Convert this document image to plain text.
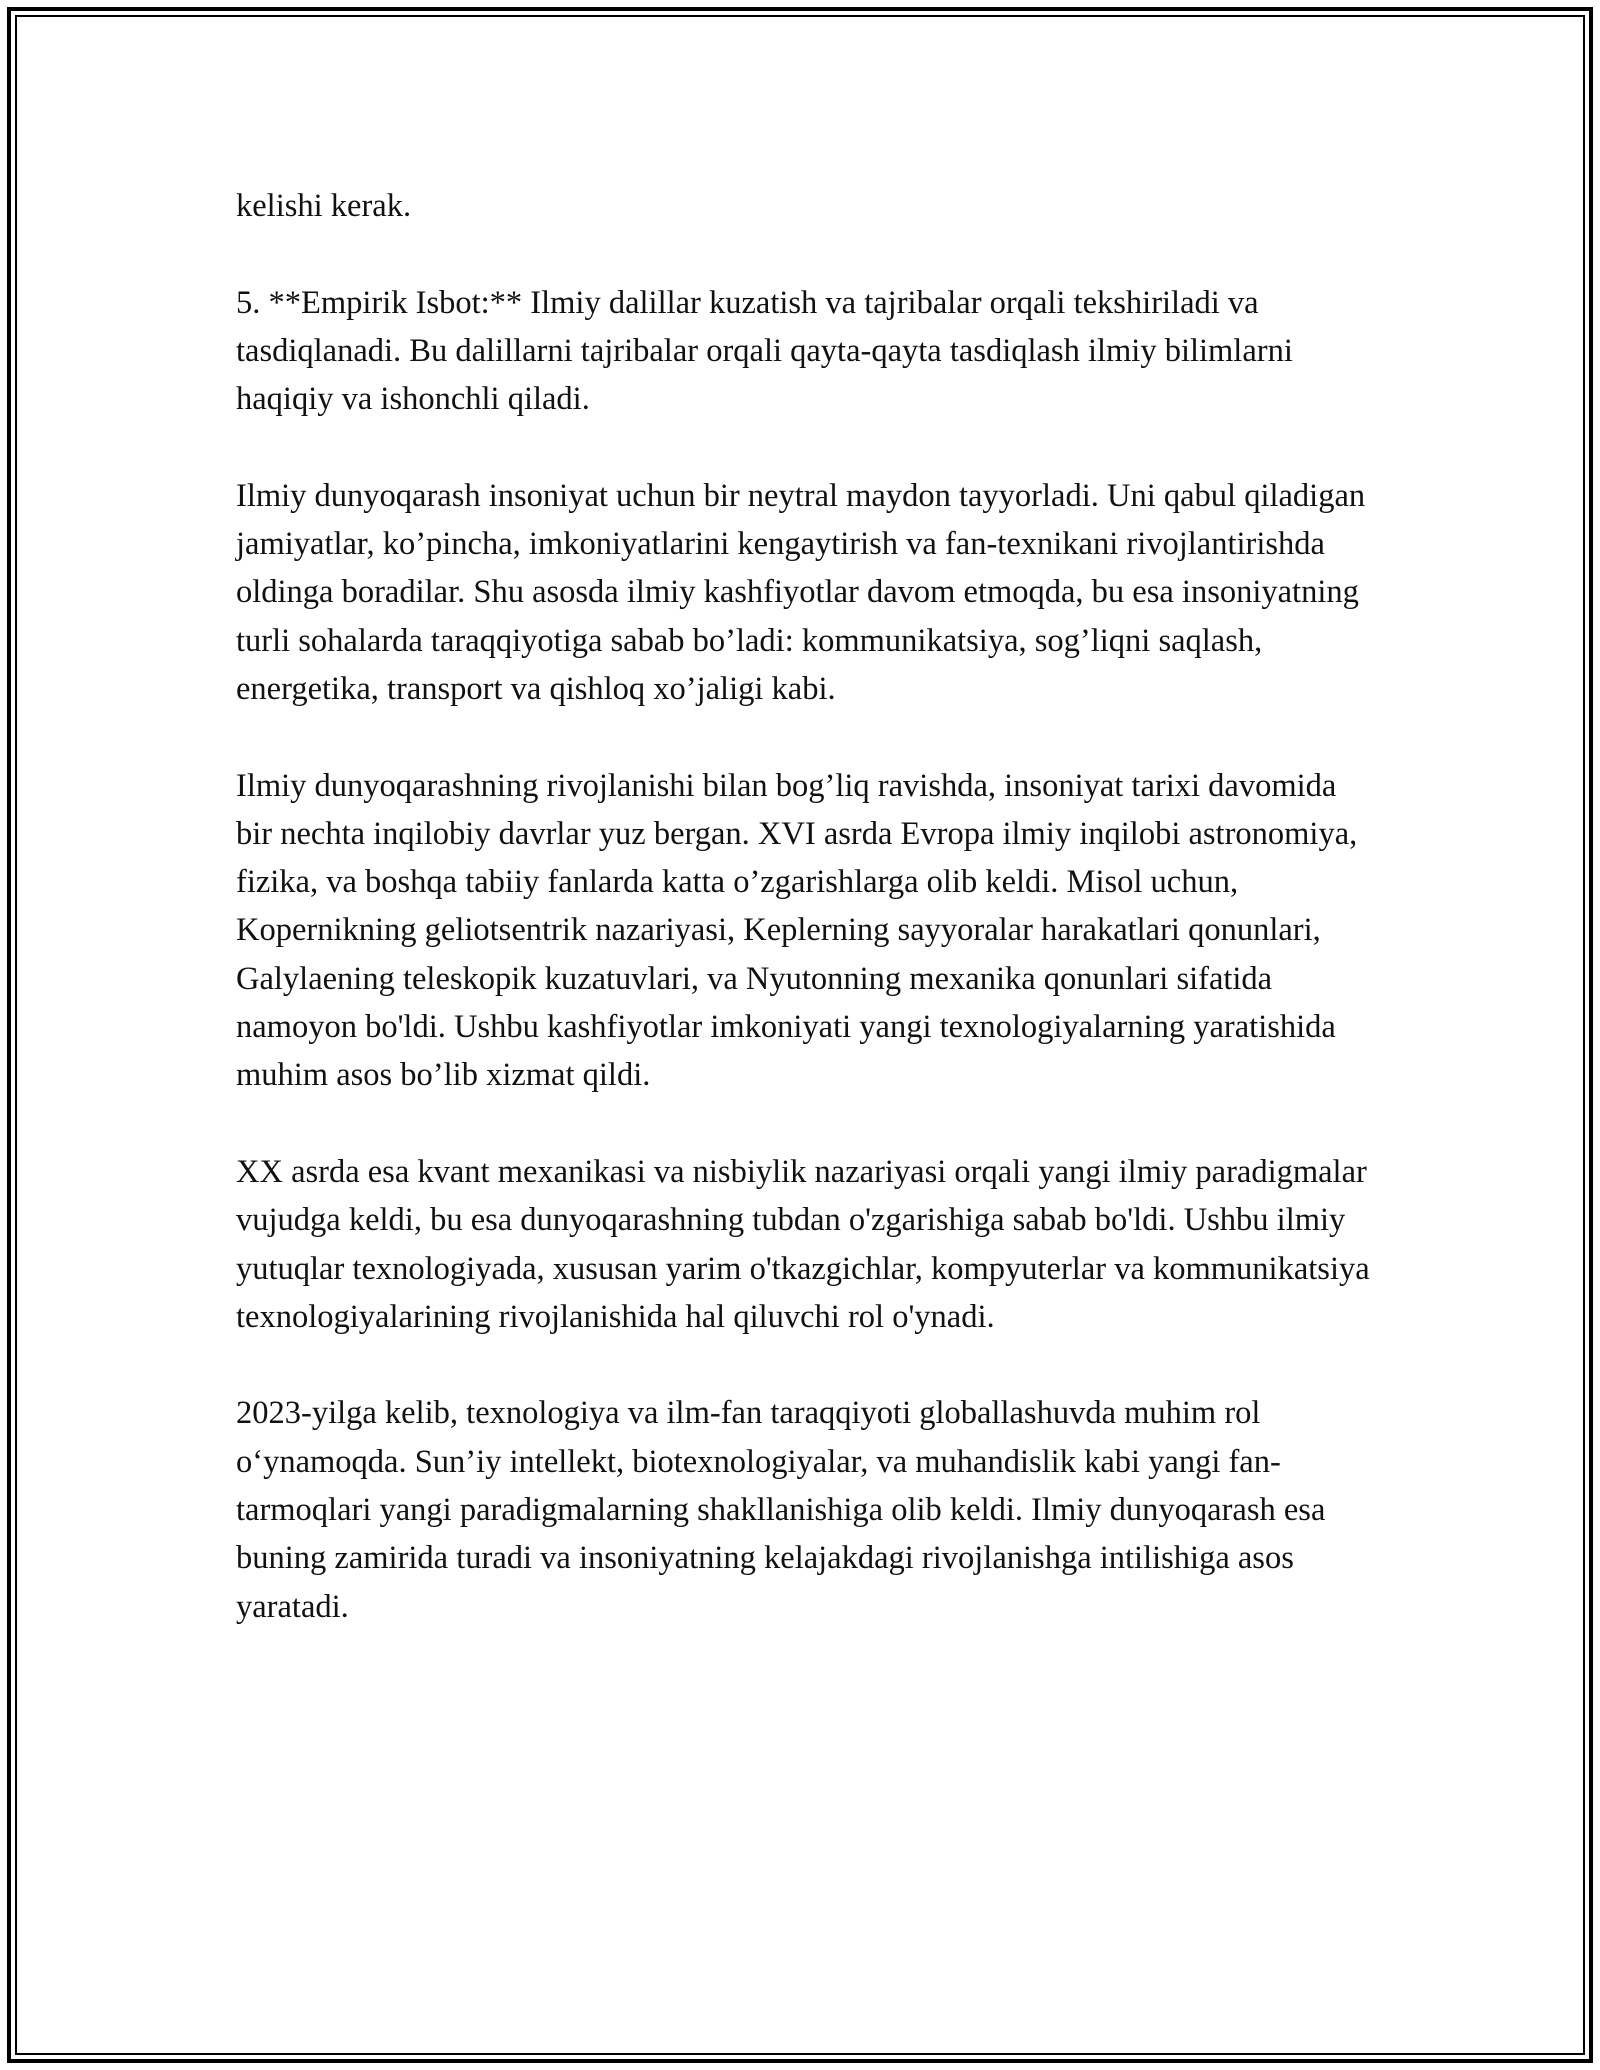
kelishi kerak.

5. **Empirik Isbot:** Ilmiy dalillar kuzatish va tajribalar orqali tekshiriladi va tasdiqlanadi. Bu dalillarni tajribalar orqali qayta-qayta tasdiqlash ilmiy bilimlarni haqiqiy va ishonchli qiladi.

Ilmiy dunyoqarash insoniyat uchun bir neytral maydon tayyorladi. Uni qabul qiladigan jamiyatlar, ko’pincha, imkoniyatlarini kengaytirish va fan-texnikani rivojlantirishda oldinga boradilar. Shu asosda ilmiy kashfiyotlar davom etmoqda, bu esa insoniyatning turli sohalarda taraqqiyotiga sabab bo’ladi: kommunikatsiya, sog’liqni saqlash, energetika, transport va qishloq xo’jaligi kabi.

Ilmiy dunyoqarashning rivojlanishi bilan bog’liq ravishda, insoniyat tarixi davomida bir nechta inqilobiy davrlar yuz bergan. XVI asrda Evropa ilmiy inqilobi astronomiya, fizika, va boshqa tabiiy fanlarda katta o’zgarishlarga olib keldi. Misol uchun, Kopernikning geliotsentrik nazariyasi, Keplerning sayyoralar harakatlari qonunlari, Galylaening teleskopik kuzatuvlari, va Nyutonning mexanika qonunlari sifatida namoyon bo'ldi. Ushbu kashfiyotlar imkoniyati yangi texnologiyalarning yaratishida muhim asos bo’lib xizmat qildi.

XX asrda esa kvant mexanikasi va nisbiylik nazariyasi orqali yangi ilmiy paradigmalar vujudga keldi, bu esa dunyoqarashning tubdan o'zgarishiga sabab bo'ldi. Ushbu ilmiy yutuqlar texnologiyada, xususan yarim o'tkazgichlar, kompyuterlar va kommunikatsiya texnologiyalarining rivojlanishida hal qiluvchi rol o'ynadi.

2023-yilga kelib, texnologiya va ilm-fan taraqqiyoti globallashuvda muhim rol o‘ynamoqda. Sun’iy intellekt, biotexnologiyalar, va muhandislik kabi yangi fan-tarmoqlari yangi paradigmalarning shakllanishiga olib keldi. Ilmiy dunyoqarash esa buning zamirida turadi va insoniyatning kelajakdagi rivojlanishga intilishiga asos yaratadi.
